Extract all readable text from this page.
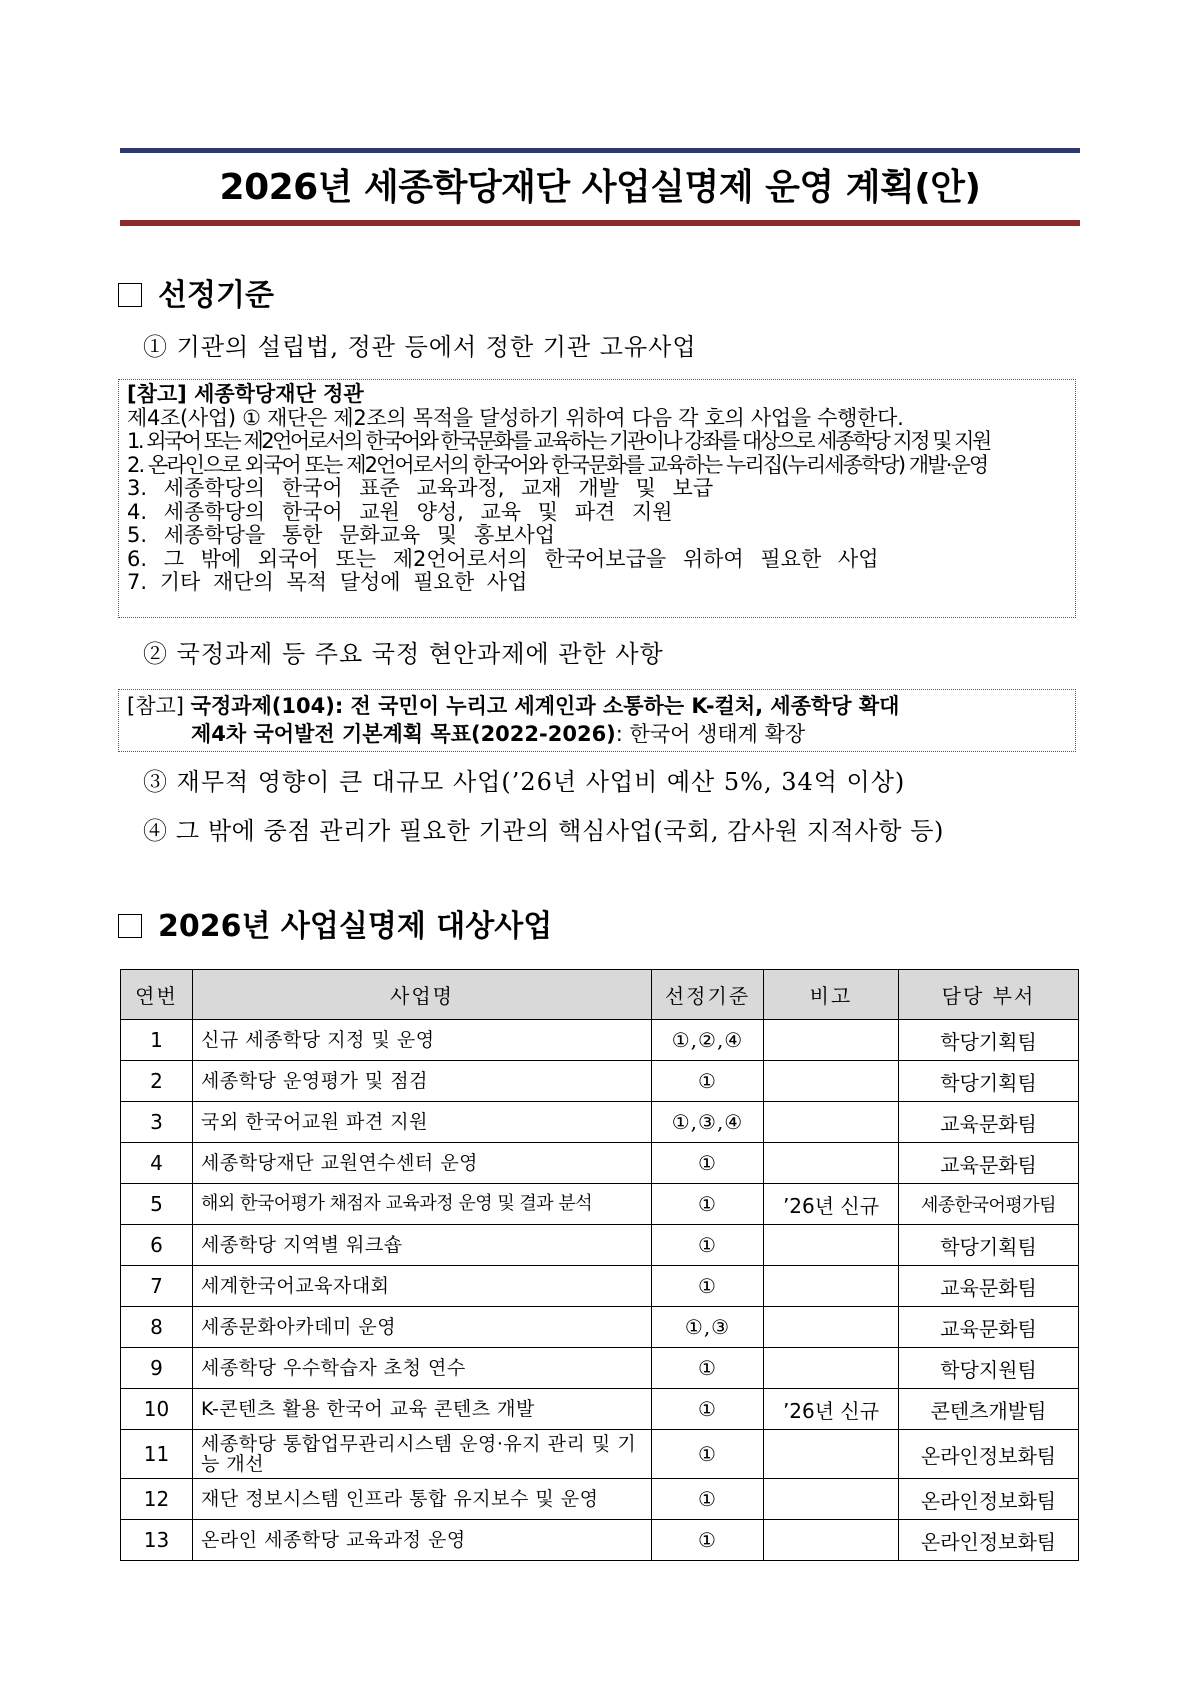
2026년 세종학당재단 사업실명제 운영 계획(안)
선정기준
① 기관의 설립법, 정관 등에서 정한 기관 고유사업
[참고] 세종학당재단 정관
제4조(사업) ① 재단은 제2조의 목적을 달성하기 위하여 다음 각 호의 사업을 수행한다.
1. 외국어 또는 제2언어로서의 한국어와 한국문화를 교육하는 기관이나 강좌를 대상으로 세종학당 지정 및 지원
2. 온라인으로 외국어 또는 제2언어로서의 한국어와 한국문화를 교육하는 누리집(누리세종학당) 개발·운영
3. 세종학당의 한국어 표준 교육과정, 교재 개발 및 보급
4. 세종학당의 한국어 교원 양성, 교육 및 파견 지원
5. 세종학당을 통한 문화교육 및 홍보사업
6. 그 밖에 외국어 또는 제2언어로서의 한국어보급을 위하여 필요한 사업
7. 기타 재단의 목적 달성에 필요한 사업
② 국정과제 등 주요 국정 현안과제에 관한 사항
[참고] 국정과제(104): 전 국민이 누리고 세계인과 소통하는 K-컬처, 세종학당 확대
제4차 국어발전 기본계획 목표(2022-2026): 한국어 생태계 확장
③ 재무적 영향이 큰 대규모 사업(’26년 사업비 예산 5%, 34억 이상)
④ 그 밖에 중점 관리가 필요한 기관의 핵심사업(국회, 감사원 지적사항 등)
2026년 사업실명제 대상사업
연번	사업명	선정기준	비고	담당 부서
1	신규 세종학당 지정 및 운영	①,②,④		학당기획팀
2	세종학당 운영평가 및 점검	①		학당기획팀
3	국외 한국어교원 파견 지원	①,③,④		교육문화팀
4	세종학당재단 교원연수센터 운영	①		교육문화팀
5	해외 한국어평가 채점자 교육과정 운영 및 결과 분석	①	’26년 신규	세종한국어평가팀
6	세종학당 지역별 워크숍	①		학당기획팀
7	세계한국어교육자대회	①		교육문화팀
8	세종문화아카데미 운영	①,③		교육문화팀
9	세종학당 우수학습자 초청 연수	①		학당지원팀
10	K-콘텐츠 활용 한국어 교육 콘텐츠 개발	①	’26년 신규	콘텐츠개발팀
11	세종학당 통합업무관리시스템 운영·유지 관리 및 기능 개선	①		온라인정보화팀
12	재단 정보시스템 인프라 통합 유지보수 및 운영	①		온라인정보화팀
13	온라인 세종학당 교육과정 운영	①		온라인정보화팀
